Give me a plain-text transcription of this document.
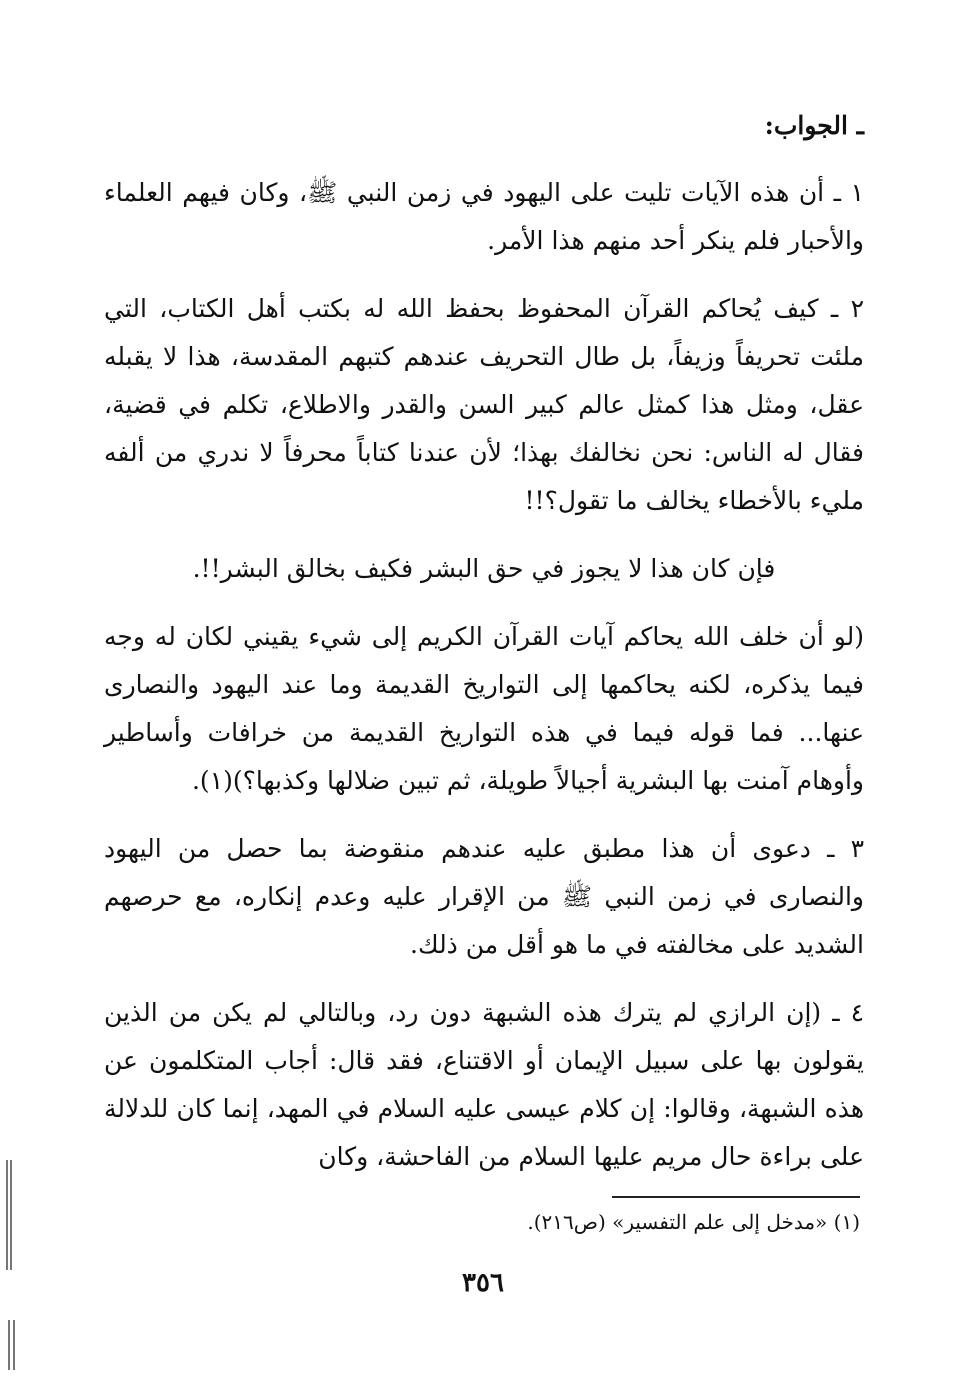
ـ الجواب:

١ ـ أن هذه الآيات تليت على اليهود في زمن النبي ﷺ، وكان فيهم العلماء والأحبار فلم ينكر أحد منهم هذا الأمر.

٢ ـ كيف يُحاكم القرآن المحفوظ بحفظ الله له بكتب أهل الكتاب، التي ملئت تحريفاً وزيفاً، بل طال التحريف عندهم كتبهم المقدسة، هذا لا يقبله عقل، ومثل هذا كمثل عالم كبير السن والقدر والاطلاع، تكلم في قضية، فقال له الناس: نحن نخالفك بهذا؛ لأن عندنا كتاباً محرفاً لا ندري من ألفه مليء بالأخطاء يخالف ما تقول؟!!

فإن كان هذا لا يجوز في حق البشر فكيف بخالق البشر!!.

(لو أن خلف الله يحاكم آيات القرآن الكريم إلى شيء يقيني لكان له وجه فيما يذكره، لكنه يحاكمها إلى التواريخ القديمة وما عند اليهود والنصارى عنها... فما قوله فيما في هذه التواريخ القديمة من خرافات وأساطير وأوهام آمنت بها البشرية أجيالاً طويلة، ثم تبين ضلالها وكذبها؟)(١).

٣ ـ دعوى أن هذا مطبق عليه عندهم منقوضة بما حصل من اليهود والنصارى في زمن النبي ﷺ من الإقرار عليه وعدم إنكاره، مع حرصهم الشديد على مخالفته في ما هو أقل من ذلك.

٤ ـ (إن الرازي لم يترك هذه الشبهة دون رد، وبالتالي لم يكن من الذين يقولون بها على سبيل الإيمان أو الاقتناع، فقد قال: أجاب المتكلمون عن هذه الشبهة، وقالوا: إن كلام عيسى عليه السلام في المهد، إنما كان للدلالة على براءة حال مريم عليها السلام من الفاحشة، وكان

(١) «مدخل إلى علم التفسير» (ص٢١٦).
٣٥٦
